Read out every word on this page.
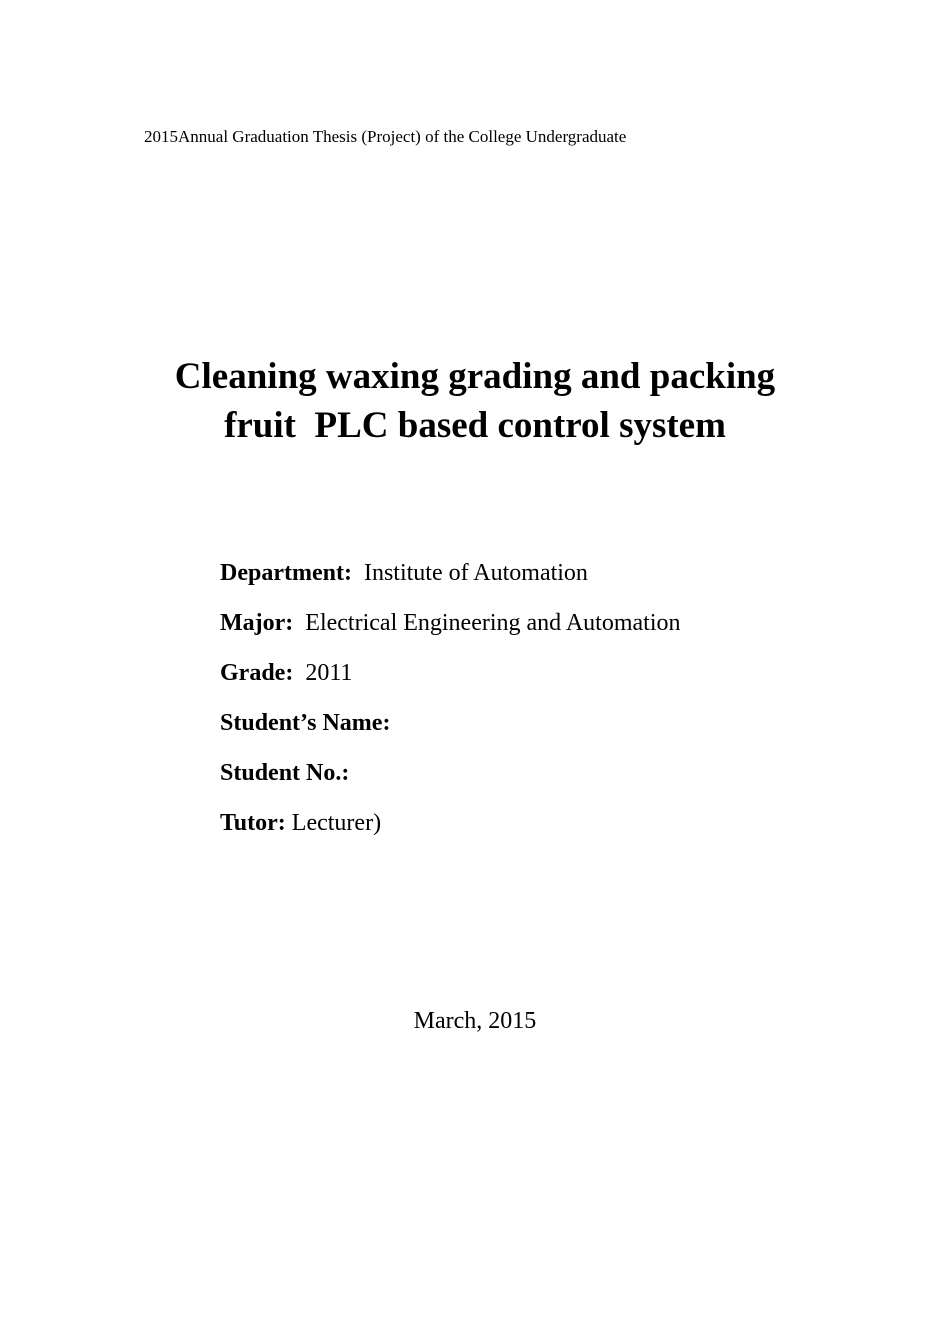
2015Annual Graduation Thesis (Project) of the College Undergraduate
Cleaning waxing grading and packing
fruit  PLC based control system
Department: Institute of Automation
Major: Electrical Engineering and Automation
Grade: 2011
Student’s Name:
Student No.:
Tutor: Lecturer)
March, 2015
